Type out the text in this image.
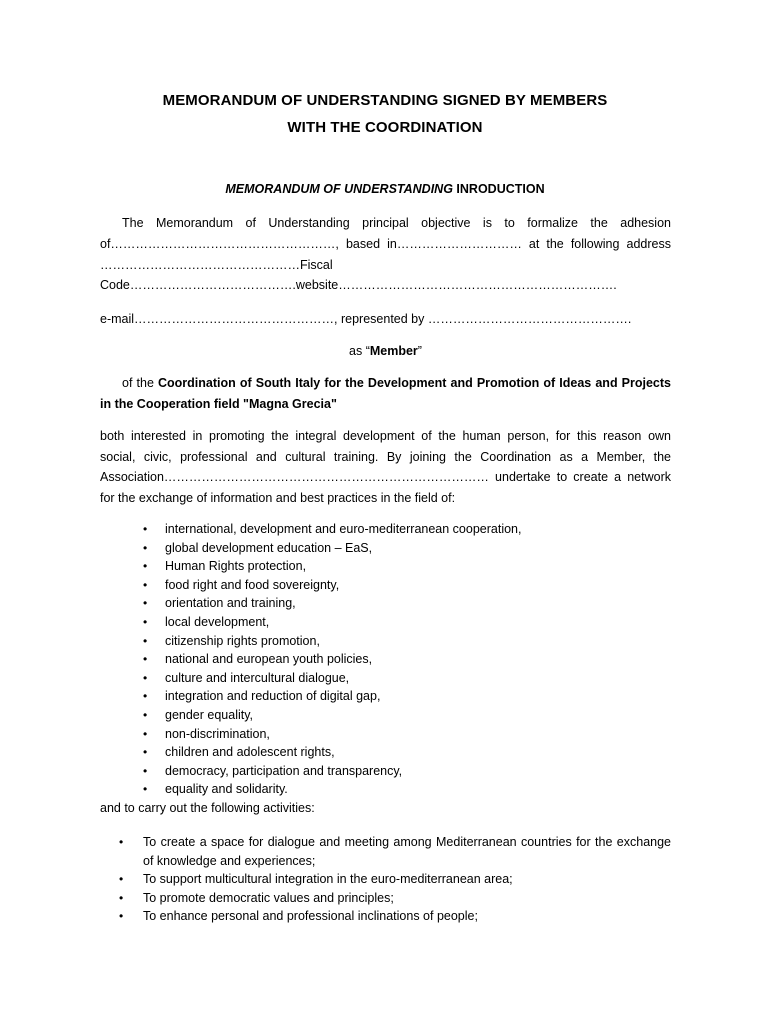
MEMORANDUM OF UNDERSTANDING SIGNED BY MEMBERS
WITH THE COORDINATION
MEMORANDUM OF UNDERSTANDING INRODUCTION
The Memorandum of Understanding principal objective is to formalize the adhesion
of………………………………………………, based in………………………… at the following address
…………………………………………Fiscal
Code………………………………….website………………………………………………………….
e-mail…………………………………………, represented by ………………………………………….
as “Member”
of the Coordination of South Italy for the Development and Promotion of Ideas and Projects in the Cooperation field "Magna Grecia"
both interested in promoting the integral development of the human person, for this reason own
social, civic, professional and cultural training. By joining the Coordination as a Member, the
Association…………………………………………………………………… undertake to create a network
for the exchange of information and best practices in the field of:
• international, development and euro-mediterranean cooperation,
• global development education – EaS,
• Human Rights protection,
• food right and food sovereignty,
• orientation and training,
• local development,
• citizenship rights promotion,
• national and european youth policies,
• culture and intercultural dialogue,
• integration and reduction of digital gap,
• gender equality,
• non-discrimination,
• children and adolescent rights,
• democracy, participation and transparency,
• equality and solidarity.
and to carry out the following activities:
• To create a space for dialogue and meeting among Mediterranean countries for the exchange of knowledge and experiences;
• To support multicultural integration in the euro-mediterranean area;
• To promote democratic values and principles;
• To enhance personal and professional inclinations of people;
